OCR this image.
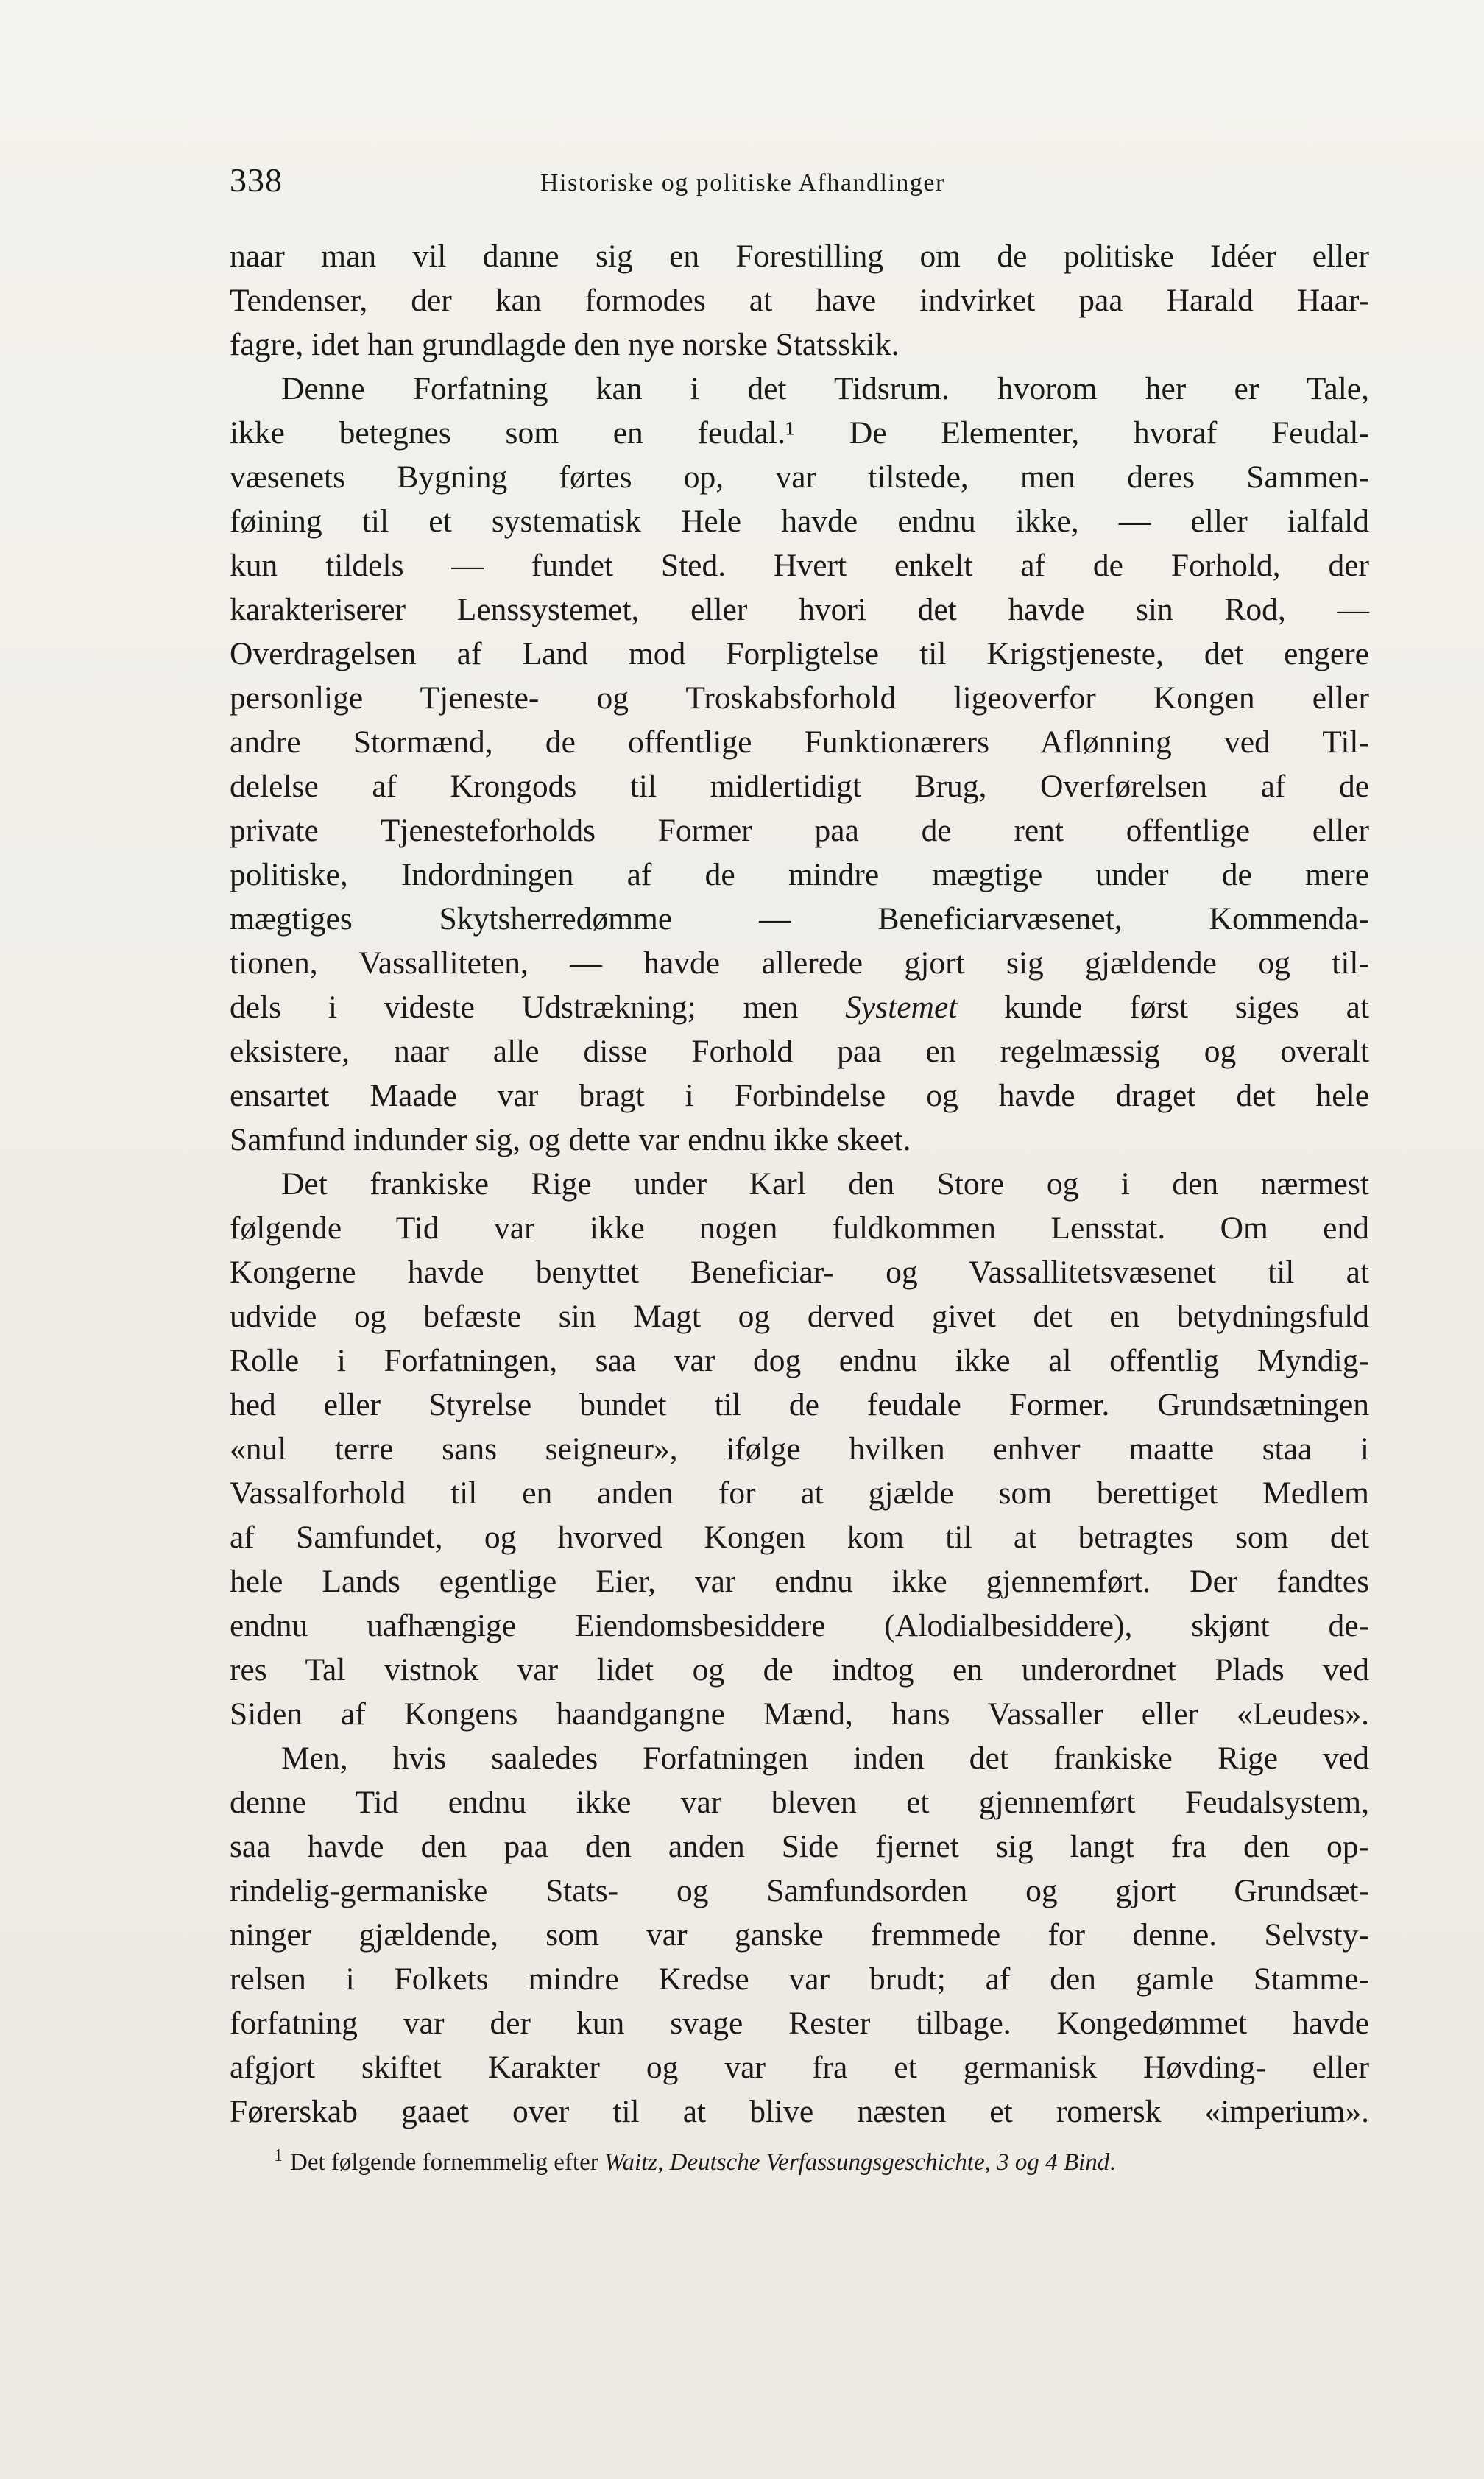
338	Historiske og politiske Afhandlinger
naar man vil danne sig en Forestilling om de politiske Idéer eller
Tendenser, der kan formodes at have indvirket paa Harald Haar-
fagre, idet han grundlagde den nye norske Statsskik.
Denne Forfatning kan i det Tidsrum. hvorom her er Tale,
ikke betegnes som en feudal.¹ De Elementer, hvoraf Feudal-
væsenets Bygning førtes op, var tilstede, men deres Sammen-
føining til et systematisk Hele havde endnu ikke, — eller ialfald
kun tildels — fundet Sted. Hvert enkelt af de Forhold, der
karakteriserer Lenssystemet, eller hvori det havde sin Rod, —
Overdragelsen af Land mod Forpligtelse til Krigstjeneste, det engere
personlige Tjeneste- og Troskabsforhold ligeoverfor Kongen eller
andre Stormænd, de offentlige Funktionærers Aflønning ved Til-
delelse af Krongods til midlertidigt Brug, Overførelsen af de
private Tjenesteforholds Former paa de rent offentlige eller
politiske, Indordningen af de mindre mægtige under de mere
mægtiges Skytsherredømme — Beneficiarvæsenet, Kommenda-
tionen, Vassalliteten, — havde allerede gjort sig gjældende og til-
dels i videste Udstrækning; men Systemet kunde først siges at
eksistere, naar alle disse Forhold paa en regelmæssig og overalt
ensartet Maade var bragt i Forbindelse og havde draget det hele
Samfund indunder sig, og dette var endnu ikke skeet.
Det frankiske Rige under Karl den Store og i den nærmest
følgende Tid var ikke nogen fuldkommen Lensstat. Om end
Kongerne havde benyttet Beneficiar- og Vassallitetsvæsenet til at
udvide og befæste sin Magt og derved givet det en betydningsfuld
Rolle i Forfatningen, saa var dog endnu ikke al offentlig Myndig-
hed eller Styrelse bundet til de feudale Former. Grundsætningen
«nul terre sans seigneur», ifølge hvilken enhver maatte staa i
Vassalforhold til en anden for at gjælde som berettiget Medlem
af Samfundet, og hvorved Kongen kom til at betragtes som det
hele Lands egentlige Eier, var endnu ikke gjennemført. Der fandtes
endnu uafhængige Eiendomsbesiddere (Alodialbesiddere), skjønt de-
res Tal vistnok var lidet og de indtog en underordnet Plads ved
Siden af Kongens haandgangne Mænd, hans Vassaller eller «Leudes».
Men, hvis saaledes Forfatningen inden det frankiske Rige ved
denne Tid endnu ikke var bleven et gjennemført Feudalsystem,
saa havde den paa den anden Side fjernet sig langt fra den op-
rindelig-germaniske Stats- og Samfundsorden og gjort Grundsæt-
ninger gjældende, som var ganske fremmede for denne. Selvsty-
relsen i Folkets mindre Kredse var brudt; af den gamle Stamme-
forfatning var der kun svage Rester tilbage. Kongedømmet havde
afgjort skiftet Karakter og var fra et germanisk Høvding- eller
Førerskab gaaet over til at blive næsten et romersk «imperium».
$^1$ Det følgende fornemmelig efter Waitz, Deutsche Verfassungsgeschichte, 3 og 4 Bind.
